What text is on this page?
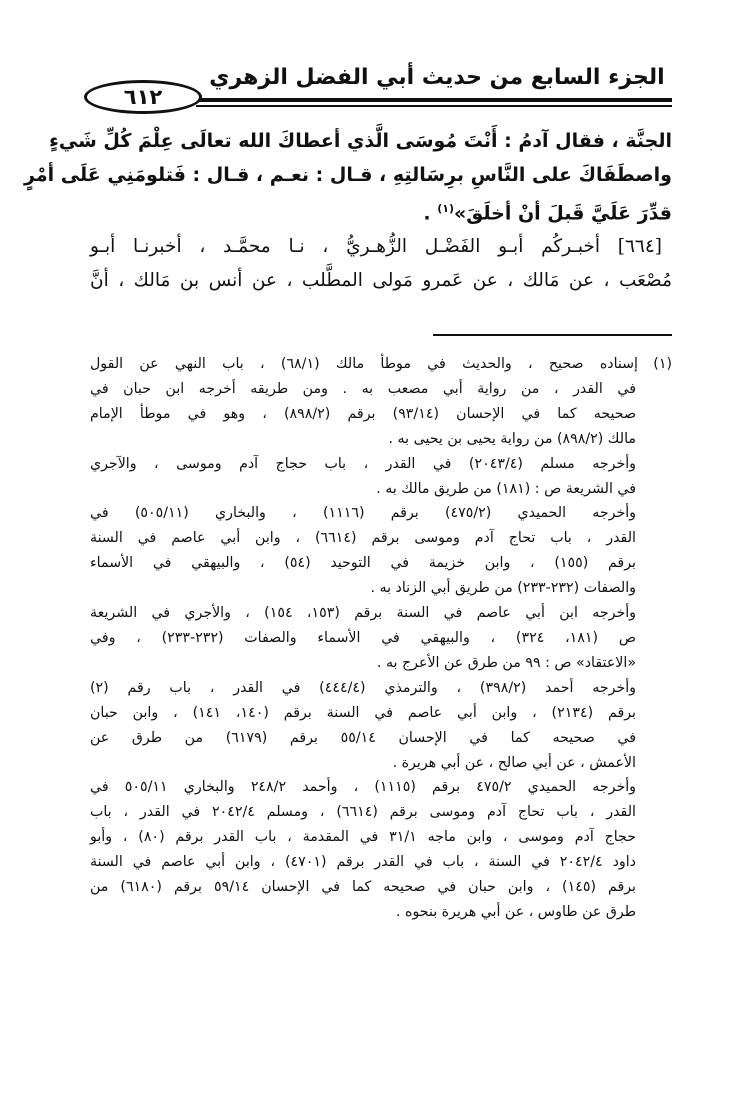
الجزء السابع من حديث أبي الفضل الزهري
٦١٢

الجنَّة ، فقال آدمُ : أَنْتَ مُوسَى الَّذي أعطاكَ الله تعالَى عِلْمَ كُلِّ شَيءٍ

واصطَفَاكَ على النَّاسِ برِسَالتِهِ ، قـال : نعـم ، قـال : فَتلومَنِي عَلَى أمْرٍ

قدِّرَ عَلَيَّ قَبلَ أنْ أخلَقَ»$^{(١)}$ .

[٦٦٤] أخبـركُم أبـو الفَضْـل الزُّهـريُّ ، نـا محمَّـد ، أخبرنـا أبـو

مُصْعَب ، عن مَالك ، عن عَمرو مَولى المطَّلب ، عن أنس بن مَالك ، أنَّ

(١)إسناده صحيح ، والحديث في موطأ مالك (٦٨/١) ، باب النهي عن القول
في القدر ، من رواية أبي مصعب به . ومن طريقه أخرجه ابن حبان في
صحيحه كما في الإحسان (٩٣/١٤) برقم (٨٩٨/٢) ، وهو في موطأ الإمام
مالك (٨٩٨/٢) من رواية يحيى بن يحيى به .
وأخرجه مسلم (٢٠٤٣/٤) في القدر ، باب حجاج آدم وموسى ، والآجري
في الشريعة ص : (١٨١) من طريق مالك به .
وأخرجه الحميدي (٤٧٥/٢) برقم (١١١٦) ، والبخاري (٥٠٥/١١) في
القدر ، باب تحاج آدم وموسى برقم (٦٦١٤) ، وابن أبي عاصم في السنة
برقم (١٥٥) ، وابن خزيمة في التوحيد (٥٤) ، والبيهقي في الأسماء
والصفات (٢٣٢-٢٣٣) من طريق أبي الزناد به .
وأخرجه ابن أبي عاصم في السنة برقم (١٥٣، ١٥٤) ، والأجري في الشريعة
ص (١٨١، ٣٢٤) ، والبيهقي في الأسماء والصفات (٢٣٢-٢٣٣) ، وفي
«الاعتقاد» ص : ٩٩ من طرق عن الأعرج به .
وأخرجه أحمد (٣٩٨/٢) ، والترمذي (٤٤٤/٤) في القدر ، باب رقم (٢)
برقم (٢١٣٤) ، وابن أبي عاصم في السنة برقم (١٤٠، ١٤١) ، وابن حبان
في صحيحه كما في الإحسان ٥٥/١٤ برقم (٦١٧٩) من طرق عن
الأعمش ، عن أبي صالح ، عن أبي هريرة .
وأخرجه الحميدي ٤٧٥/٢ برقم (١١١٥) ، وأحمد ٢٤٨/٢ والبخاري ٥٠٥/١١ في
القدر ، باب تحاج آدم وموسى برقم (٦٦١٤) ، ومسلم ٢٠٤٢/٤ في القدر ، باب
حجاج آدم وموسى ، وابن ماجه ٣١/١ في المقدمة ، باب القدر برقم (٨٠) ، وأبو
داود ٢٠٤٢/٤ في السنة ، باب في القدر برقم (٤٧٠١) ، وابن أبي عاصم في السنة
برقم (١٤٥) ، وابن حبان في صحيحه كما في الإحسان ٥٩/١٤ برقم (٦١٨٠) من
طرق عن طاوس ، عن أبي هريرة بنحوه .
